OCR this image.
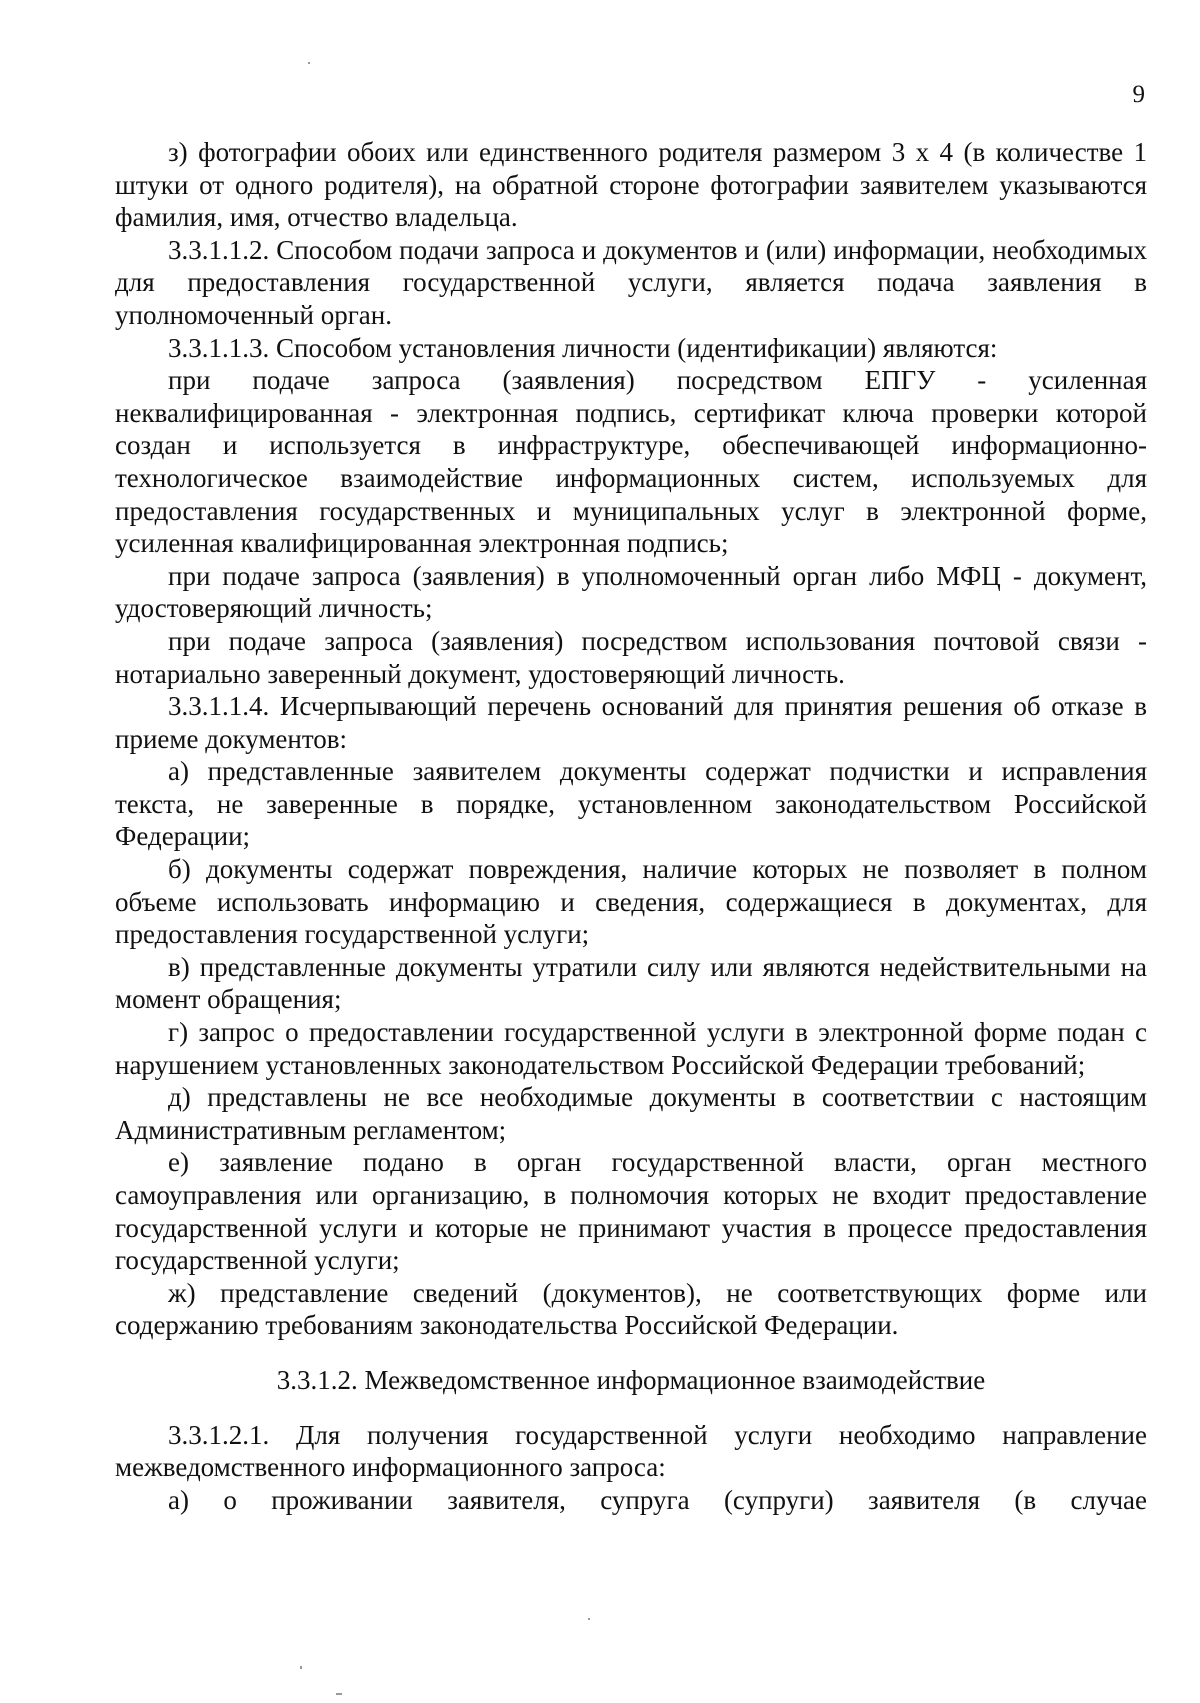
9

з) фотографии обоих или единственного родителя размером 3 х 4 (в количестве 1 штуки от одного родителя), на обратной стороне фотографии заявителем указываются фамилия, имя, отчество владельца.

3.3.1.1.2. Способом подачи запроса и документов и (или) информации, необходимых для предоставления государственной услуги, является подача заявления в уполномоченный орган.

3.3.1.1.3. Способом установления личности (идентификации) являются:

при подаче запроса (заявления) посредством ЕПГУ - усиленная неквалифицированная - электронная подпись, сертификат ключа проверки которой создан и используется в инфраструктуре, обеспечивающей информационно-технологическое взаимодействие информационных систем, используемых для предоставления государственных и муниципальных услуг в электронной форме, усиленная квалифицированная электронная подпись;

при подаче запроса (заявления) в уполномоченный орган либо МФЦ - документ, удостоверяющий личность;

при подаче запроса (заявления) посредством использования почтовой связи - нотариально заверенный документ, удостоверяющий личность.

3.3.1.1.4. Исчерпывающий перечень оснований для принятия решения об отказе в приеме документов:

а) представленные заявителем документы содержат подчистки и исправления текста, не заверенные в порядке, установленном законодательством Российской Федерации;

б) документы содержат повреждения, наличие которых не позволяет в полном объеме использовать информацию и сведения, содержащиеся в документах, для предоставления государственной услуги;

в) представленные документы утратили силу или являются недействительными на момент обращения;

г) запрос о предоставлении государственной услуги в электронной форме подан с нарушением установленных законодательством Российской Федерации требований;

д) представлены не все необходимые документы в соответствии с настоящим Административным регламентом;

е) заявление подано в орган государственной власти, орган местного самоуправления или организацию, в полномочия которых не входит предоставление государственной услуги и которые не принимают участия в процессе предоставления государственной услуги;

ж) представление сведений (документов), не соответствующих форме или содержанию требованиям законодательства Российской Федерации.

3.3.1.2. Межведомственное информационное взаимодействие

3.3.1.2.1. Для получения государственной услуги необходимо направление межведомственного информационного запроса:

а) о проживании заявителя, супруга (супруги) заявителя (в случае
